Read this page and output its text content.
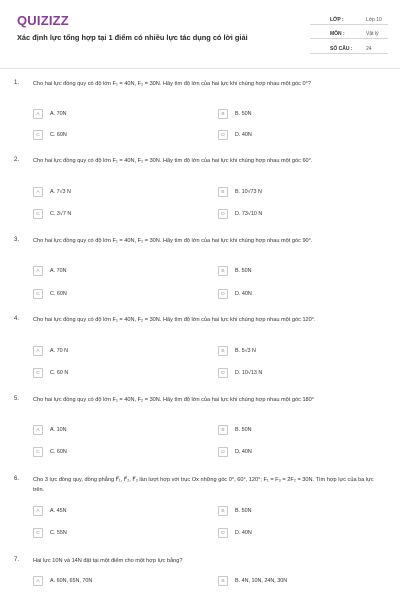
QUIZIZZ
Xác định lực tổng hợp tại 1 điểm có nhiều lực tác dụng có lời giải
LỚP :	Lớp 10
MÔN :	Vật lý
SỐ CÂU :	24
1. Cho hai lực đồng quy có độ lớn F₁ = 40N, F₂ = 30N. Hãy tìm độ lớn của hai lực khi chúng hợp nhau một góc 0°?
A	A. 70N	B	B. 50N
C	C. 60N	D	D. 40N
2. Cho hai lực đồng quy có độ lớn F₁ = 40N, F₂ = 30N. Hãy tìm độ lớn của hai lực khi chúng hợp nhau một góc 60°.
A	A. 7√3 N	B	B. 10√73 N
C	C. 3√7 N	D	D. 73√10 N
3. Cho hai lực đồng quy có độ lớn F₁ = 40N, F₂ = 30N. Hãy tìm độ lớn của hai lực khi chúng hợp nhau một góc 90°.
A	A. 70N	B	B. 50N
C	C. 60N	D	D. 40N
4. Cho hai lực đồng quy có độ lớn F₁ = 40N, F₂ = 30N. Hãy tìm độ lớn của hai lực khi chúng hợp nhau một góc 120°.
A	A. 70 N	B	B. 5√3 N
C	C. 60 N	D	D. 10√13 N
5. Cho hai lực đồng quy có độ lớn F₁ = 40N, F₂ = 30N. Hãy tìm độ lớn của hai lực khi chúng hợp nhau một góc 180°
A	A. 10N	B	B. 50N
C	C. 60N	D	D. 40N
6. Cho 3 lực đồng quy, đồng phẳng F⃗₁, F⃗₂, F⃗₃ lần lượt hợp với trục Ox những góc 0°, 60°, 120°; F₁ = F₃ = 2F₂ = 30N. Tìm hợp lực của ba lực trên.
A	A. 45N	B	B. 50N
C	C. 55N	D	D. 40N
7. Hai lực 10N và 14N đặt tại một điểm cho một hợp lực bằng?
A	A. 60N, 65N, 70N	B	B. 4N, 10N, 24N, 30N
